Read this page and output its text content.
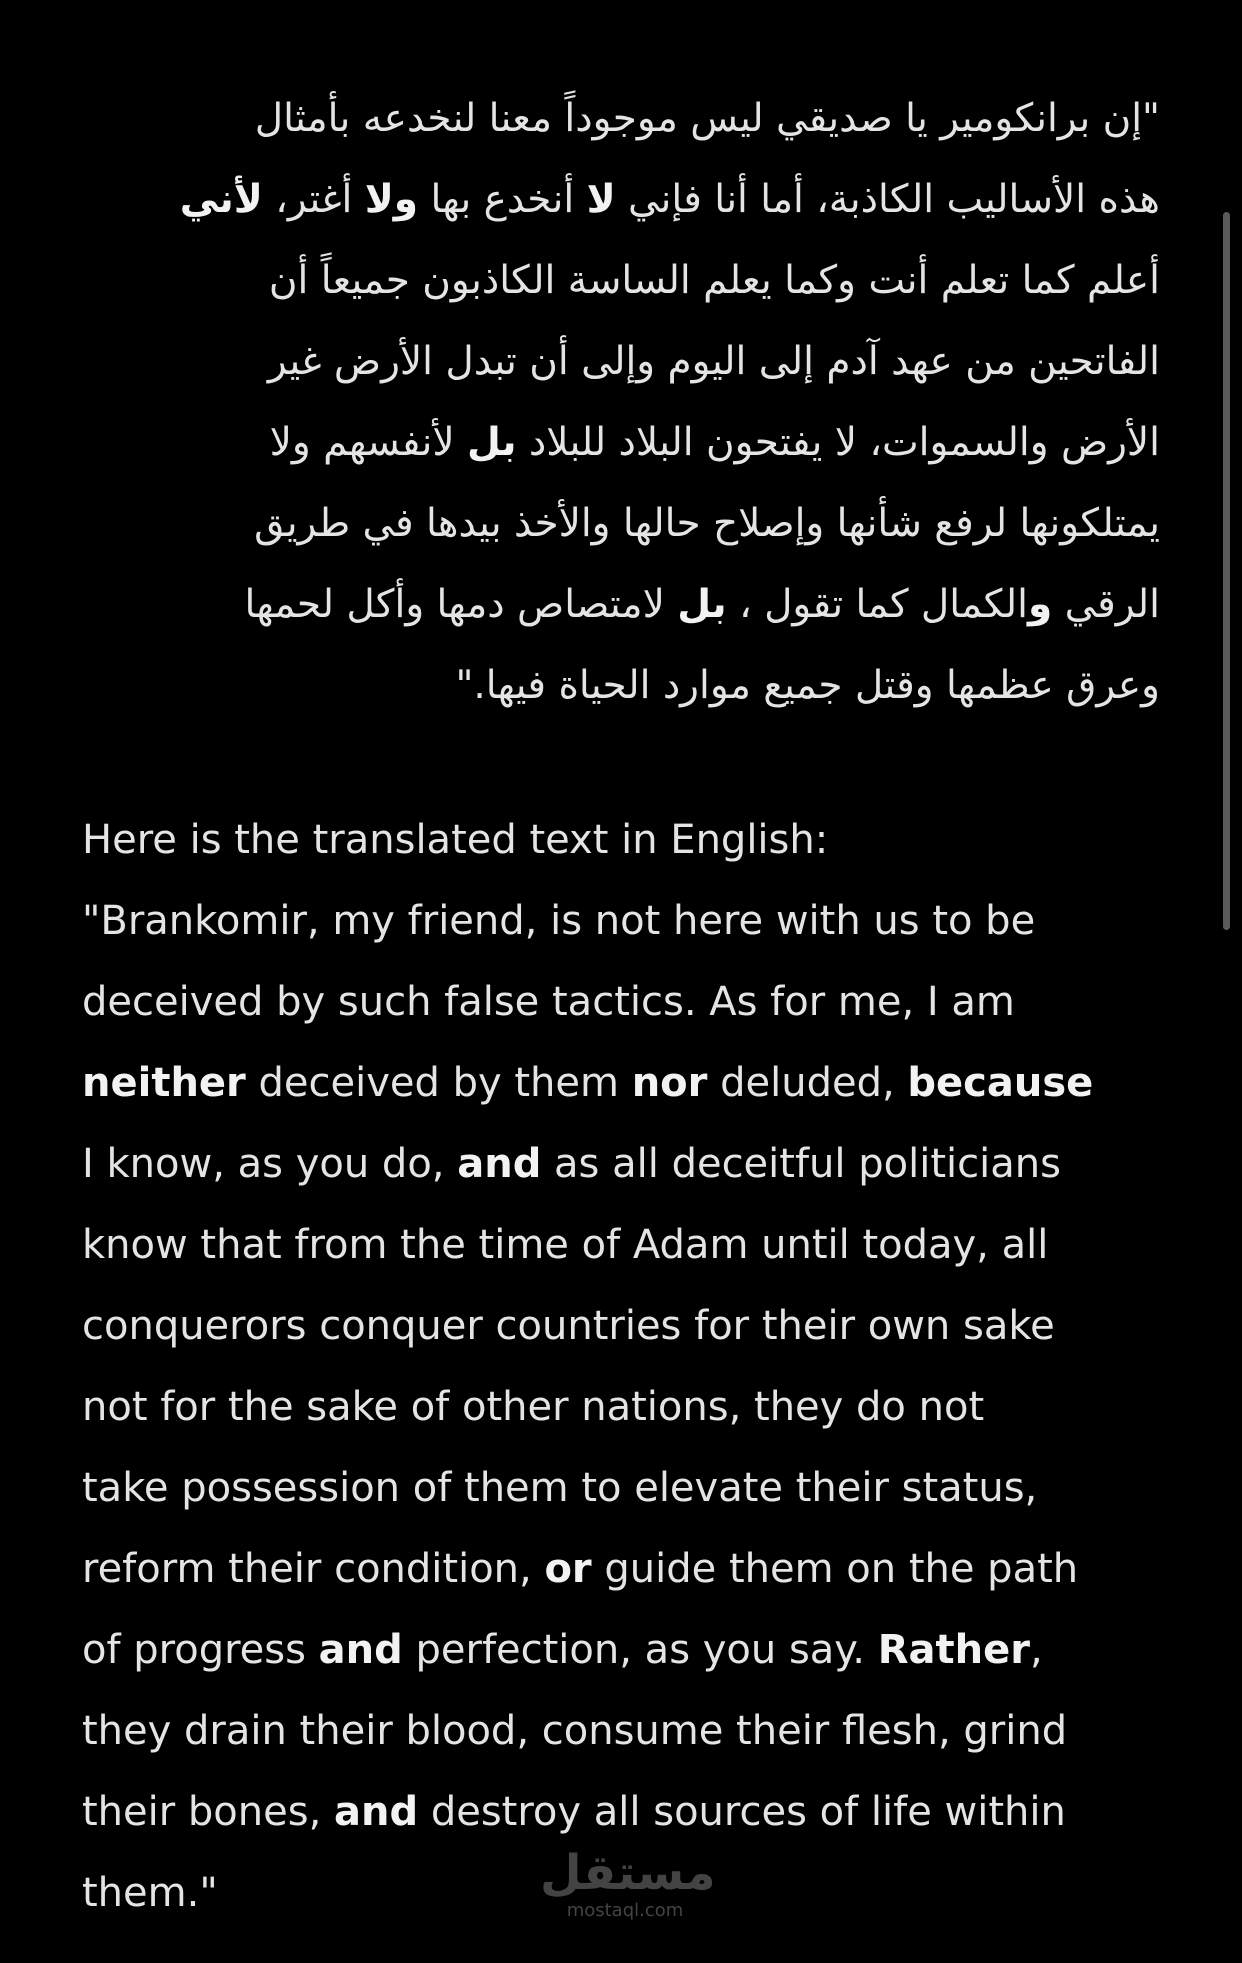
"إن برانكومير يا صديقي ليس موجوداً معنا لنخدعه بأمثال
هذه الأساليب الكاذبة، أما أنا فإني لا أنخدع بها ولا أغتر، لأني
أعلم كما تعلم أنت وكما يعلم الساسة الكاذبون جميعاً أن
الفاتحين من عهد آدم إلى اليوم وإلى أن تبدل الأرض غير
الأرض والسموات، لا يفتحون البلاد للبلاد بل لأنفسهم ولا
يمتلكونها لرفع شأنها وإصلاح حالها والأخذ بيدها في طريق
الرقي والكمال كما تقول ، بل لامتصاص دمها وأكل لحمها
وعرق عظمها وقتل جميع موارد الحياة فيها."
Here is the translated text in English:
"Brankomir, my friend, is not here with us to be
deceived by such false tactics. As for me, I am
neither deceived by them nor deluded, because
I know, as you do, and as all deceitful politicians
know that from the time of Adam until today, all
conquerors conquer countries for their own sake
not for the sake of other nations, they do not
take possession of them to elevate their status,
reform their condition, or guide them on the path
of progress and perfection, as you say. Rather,
they drain their blood, consume their flesh, grind
their bones, and destroy all sources of life within
them."	مستقل
mostaql.com
